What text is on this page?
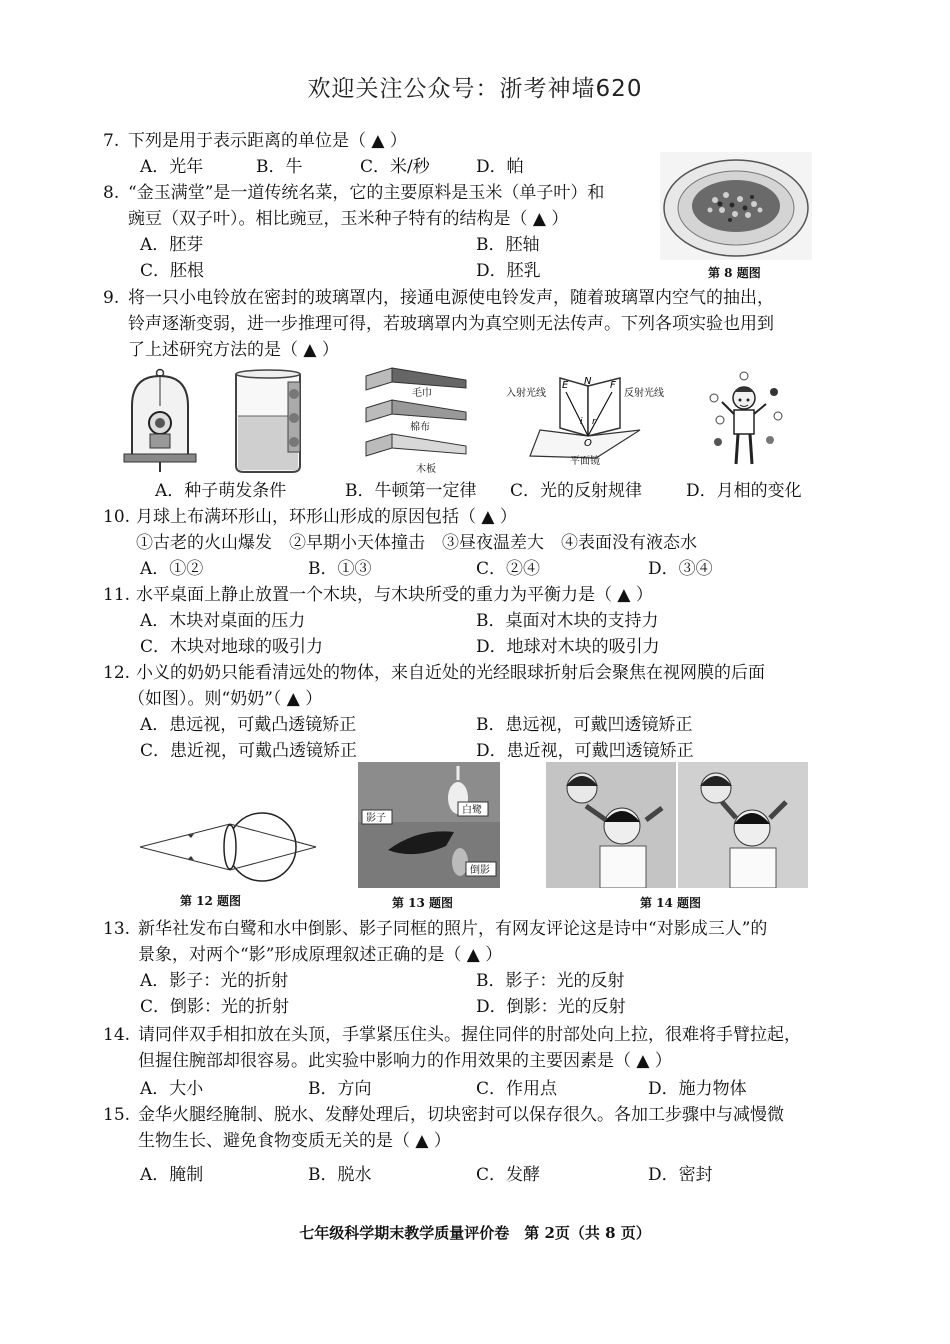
欢迎关注公众号：浙考神墙620
7. 下列是用于表示距离的单位是（ ▲ ）
A．光年	B．牛	C．米/秒	D．帕
8. “金玉满堂”是一道传统名菜，它的主要原料是玉米（单子叶）和
豌豆（双子叶）。相比豌豆，玉米种子特有的结构是（ ▲ ）
A．胚芽	B．胚轴
C．胚根	D．胚乳	第 8 题图
9. 将一只小电铃放在密封的玻璃罩内，接通电源使电铃发声，随着玻璃罩内空气的抽出，
铃声逐渐变弱，进一步推理可得，若玻璃罩内为真空则无法传声。下列各项实验也用到
了上述研究方法的是（ ▲ ）
毛巾
棉布
木板
入射光线	反射光线
E N F
i r
O
平面镜
A．种子萌发条件	B．牛顿第一定律 C．光的反射规律	D．月相的变化
10. 月球上布满环形山，环形山形成的原因包括（ ▲ ）
①古老的火山爆发　②早期小天体撞击　③昼夜温差大　④表面没有液态水
A．①②	B．①③	C．②④	D．③④
11. 水平桌面上静止放置一个木块，与木块所受的重力为平衡力是（ ▲ ）
A．木块对桌面的压力	B．桌面对木块的支持力
C．木块对地球的吸引力	D．地球对木块的吸引力
12. 小义的奶奶只能看清远处的物体，来自近处的光经眼球折射后会聚焦在视网膜的后面
（如图）。则“奶奶”（ ▲ ）
A．患远视，可戴凸透镜矫正	B．患远视，可戴凹透镜矫正
C．患近视，可戴凸透镜矫正	D．患近视，可戴凹透镜矫正
第 12 题图
影子
白鹭
倒影
第 13 题图	第 14 题图
13. 新华社发布白鹭和水中倒影、影子同框的照片，有网友评论这是诗中“对影成三人”的
景象，对两个“影”形成原理叙述正确的是（ ▲ ）
A．影子：光的折射	B．影子：光的反射
C．倒影：光的折射	D．倒影：光的反射
14. 请同伴双手相扣放在头顶，手掌紧压住头。握住同伴的肘部处向上拉，很难将手臂拉起，
但握住腕部却很容易。此实验中影响力的作用效果的主要因素是（ ▲ ）
A．大小	B．方向	C．作用点	D．施力物体
15. 金华火腿经腌制、脱水、发酵处理后，切块密封可以保存很久。各加工步骤中与减慢微
生物生长、避免食物变质无关的是（ ▲ ）
A．腌制	B．脱水	C．发酵	D．密封
七年级科学期末教学质量评价卷　第 2页（共 8 页）
